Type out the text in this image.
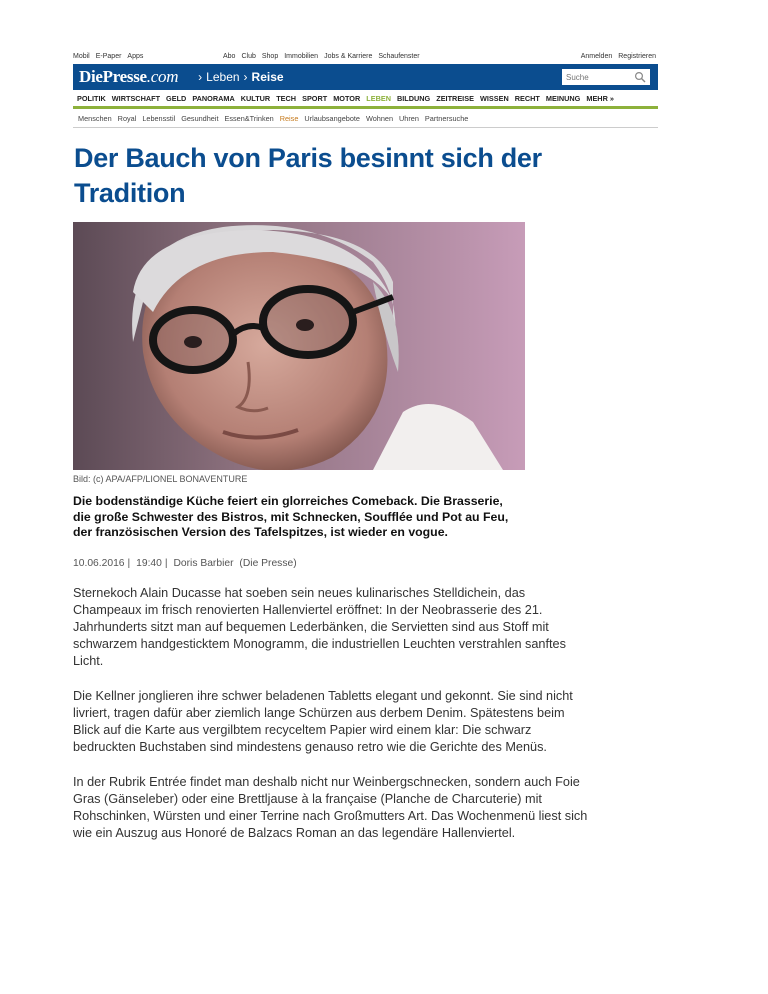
Mobil E-Paper Apps	Abo Club Shop Immobilien Jobs & Karriere Schaufenster	Anmelden Registrieren
DiePresse.com › Leben › Reise
Suche
POLITIK WIRTSCHAFT GELD PANORAMA KULTUR TECH SPORT MOTOR LEBEN BILDUNG ZEITREISE WISSEN RECHT MEINUNG MEHR »
Menschen Royal Lebensstil Gesundheit Essen&Trinken Reise Urlaubsangebote Wohnen Uhren Partnersuche
Der Bauch von Paris besinnt sich der Tradition
Bild: (c) APA/AFP/LIONEL BONAVENTURE
Die bodenständige Küche feiert ein glorreiches Comeback. Die Brasserie, die große Schwester des Bistros, mit Schnecken, Soufflée und Pot au Feu, der französischen Version des Tafelspitzes, ist wieder en vogue.
10.06.2016 | 19:40 | Doris Barbier (Die Presse)

Sternekoch Alain Ducasse hat soeben sein neues kulinarisches Stelldichein, das Champeaux im frisch renovierten Hallenviertel eröffnet: In der Neobrasserie des 21. Jahrhunderts sitzt man auf bequemen Lederbänken, die Servietten sind aus Stoff mit schwarzem handgesticktem Monogramm, die industriellen Leuchten verstrahlen sanftes Licht.

Die Kellner jonglieren ihre schwer beladenen Tabletts elegant und gekonnt. Sie sind nicht livriert, tragen dafür aber ziemlich lange Schürzen aus derbem Denim. Spätestens beim Blick auf die Karte aus vergilbtem recyceltem Papier wird einem klar: Die schwarz bedruckten Buchstaben sind mindestens genauso retro wie die Gerichte des Menüs.

In der Rubrik Entrée findet man deshalb nicht nur Weinbergschnecken, sondern auch Foie Gras (Gänseleber) oder eine Brettljause à la française (Planche de Charcuterie) mit Rohschinken, Würsten und einer Terrine nach Großmutters Art. Das Wochenmenü liest sich wie ein Auszug aus Honoré de Balzacs Roman an das legendäre Hallenviertel.
